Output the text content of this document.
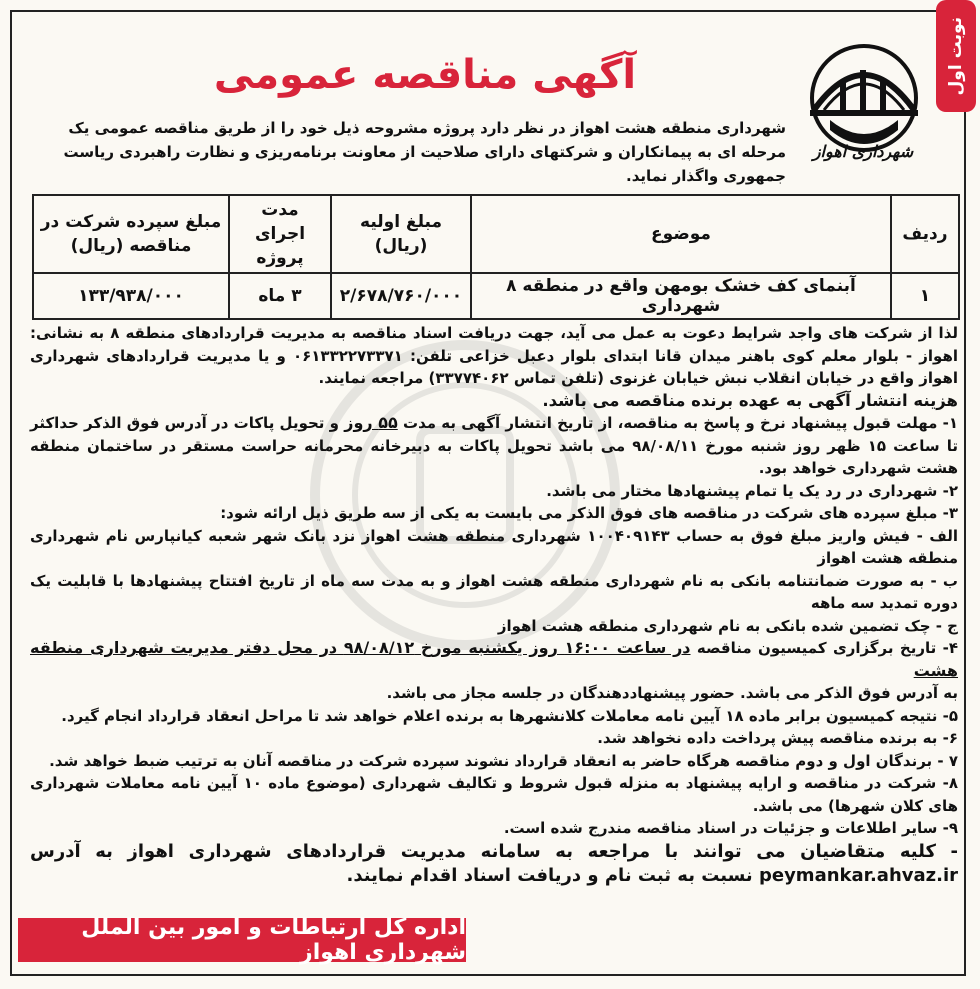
نوبت اول
شهرداری اهواز
آگهی مناقصه عمومی
شهرداری منطقه هشت اهواز در نظر دارد پروژه مشروحه ذیل خود را از طریق مناقصه عمومی یک مرحله ای به پیمانکاران و شرکتهای دارای صلاحیت از معاونت برنامه‌ریزی و نظارت راهبردی ریاست جمهوری واگذار نماید.
ردیف	موضوع	مبلغ اولیه (ریال)	مدت اجرای پروژه	مبلغ سپرده شرکت در مناقصه (ریال)
۱	آبنمای کف خشک بومهن واقع در منطقه ۸ شهرداری	۲/۶۷۸/۷۶۰/۰۰۰	۳ ماه	۱۳۳/۹۳۸/۰۰۰

لذا از شرکت های واجد شرایط دعوت به عمل می آید، جهت دریافت اسناد مناقصه به مدیریت قراردادهای منطقه ۸ به نشانی: اهواز - بلوار معلم کوی باهنر میدان قانا ابتدای بلوار دعبل خزاعی تلفن: ۰۶۱۳۳۲۲۷۳۳۷۱ و یا مدیریت قراردادهای شهرداری اهواز واقع در خیابان انقلاب نبش خیابان غزنوی (تلفن تماس ۳۳۷۷۴۰۶۲) مراجعه نمایند.

هزینه انتشار آگهی به عهده برنده مناقصه می باشد.

۱- مهلت قبول پیشنهاد نرخ و پاسخ به مناقصه، از تاریخ انتشار آگهی به مدت ۵۵ روز و تحویل پاکات در آدرس فوق الذکر حداکثر تا ساعت ۱۵ ظهر روز شنبه مورخ ۹۸/۰۸/۱۱ می باشد تحویل پاکات به دبیرخانه محرمانه حراست مستقر در ساختمان منطقه هشت شهرداری خواهد بود.

۲- شهرداری در رد یک یا تمام پیشنهادها مختار می باشد.

۳- مبلغ سپرده های شرکت در مناقصه های فوق الذکر می بایست به یکی از سه طریق ذیل ارائه شود:

الف - فیش واریز مبلغ فوق به حساب ۱۰۰۴۰۹۱۴۳ شهرداری منطقه هشت اهواز نزد بانک شهر شعبه کیانپارس نام شهرداری منطقه هشت اهواز

ب - به صورت ضمانتنامه بانکی به نام شهرداری منطقه هشت اهواز و به مدت سه ماه از تاریخ افتتاح پیشنهادها با قابلیت یک دوره تمدید سه ماهه

ج - چک تضمین شده بانکی به نام شهرداری منطقه هشت اهواز

۴- تاریخ برگزاری کمیسیون مناقصه در ساعت ۱۶:۰۰ روز یکشنبه مورخ ۹۸/۰۸/۱۲ در محل دفتر مدیریت شهرداری منطقه هشت
به آدرس فوق الذکر می باشد. حضور پیشنهاددهندگان در جلسه مجاز می باشد.

۵- نتیجه کمیسیون برابر ماده ۱۸ آیین نامه معاملات کلانشهرها به برنده اعلام خواهد شد تا مراحل انعقاد قرارداد انجام گیرد.

۶- به برنده مناقصه پیش پرداخت داده نخواهد شد.

۷ - برندگان اول و دوم مناقصه هرگاه حاضر به انعقاد قرارداد نشوند سپرده شرکت در مناقصه آنان به ترتیب ضبط خواهد شد.

۸- شرکت در مناقصه و ارایه پیشنهاد به منزله قبول شروط و تکالیف شهرداری (موضوع ماده ۱۰ آیین نامه معاملات شهرداری های کلان شهرها) می باشد.

۹- سایر اطلاعات و جزئیات در اسناد مناقصه مندرج شده است.

- کلیه متقاضیان می توانند با مراجعه به سامانه مدیریت قراردادهای شهرداری اهواز به آدرس peymankar.ahvaz.ir نسبت به ثبت نام و دریافت اسناد اقدام نمایند.

اداره کل ارتباطات و امور بین الملل شهرداری اهواز
